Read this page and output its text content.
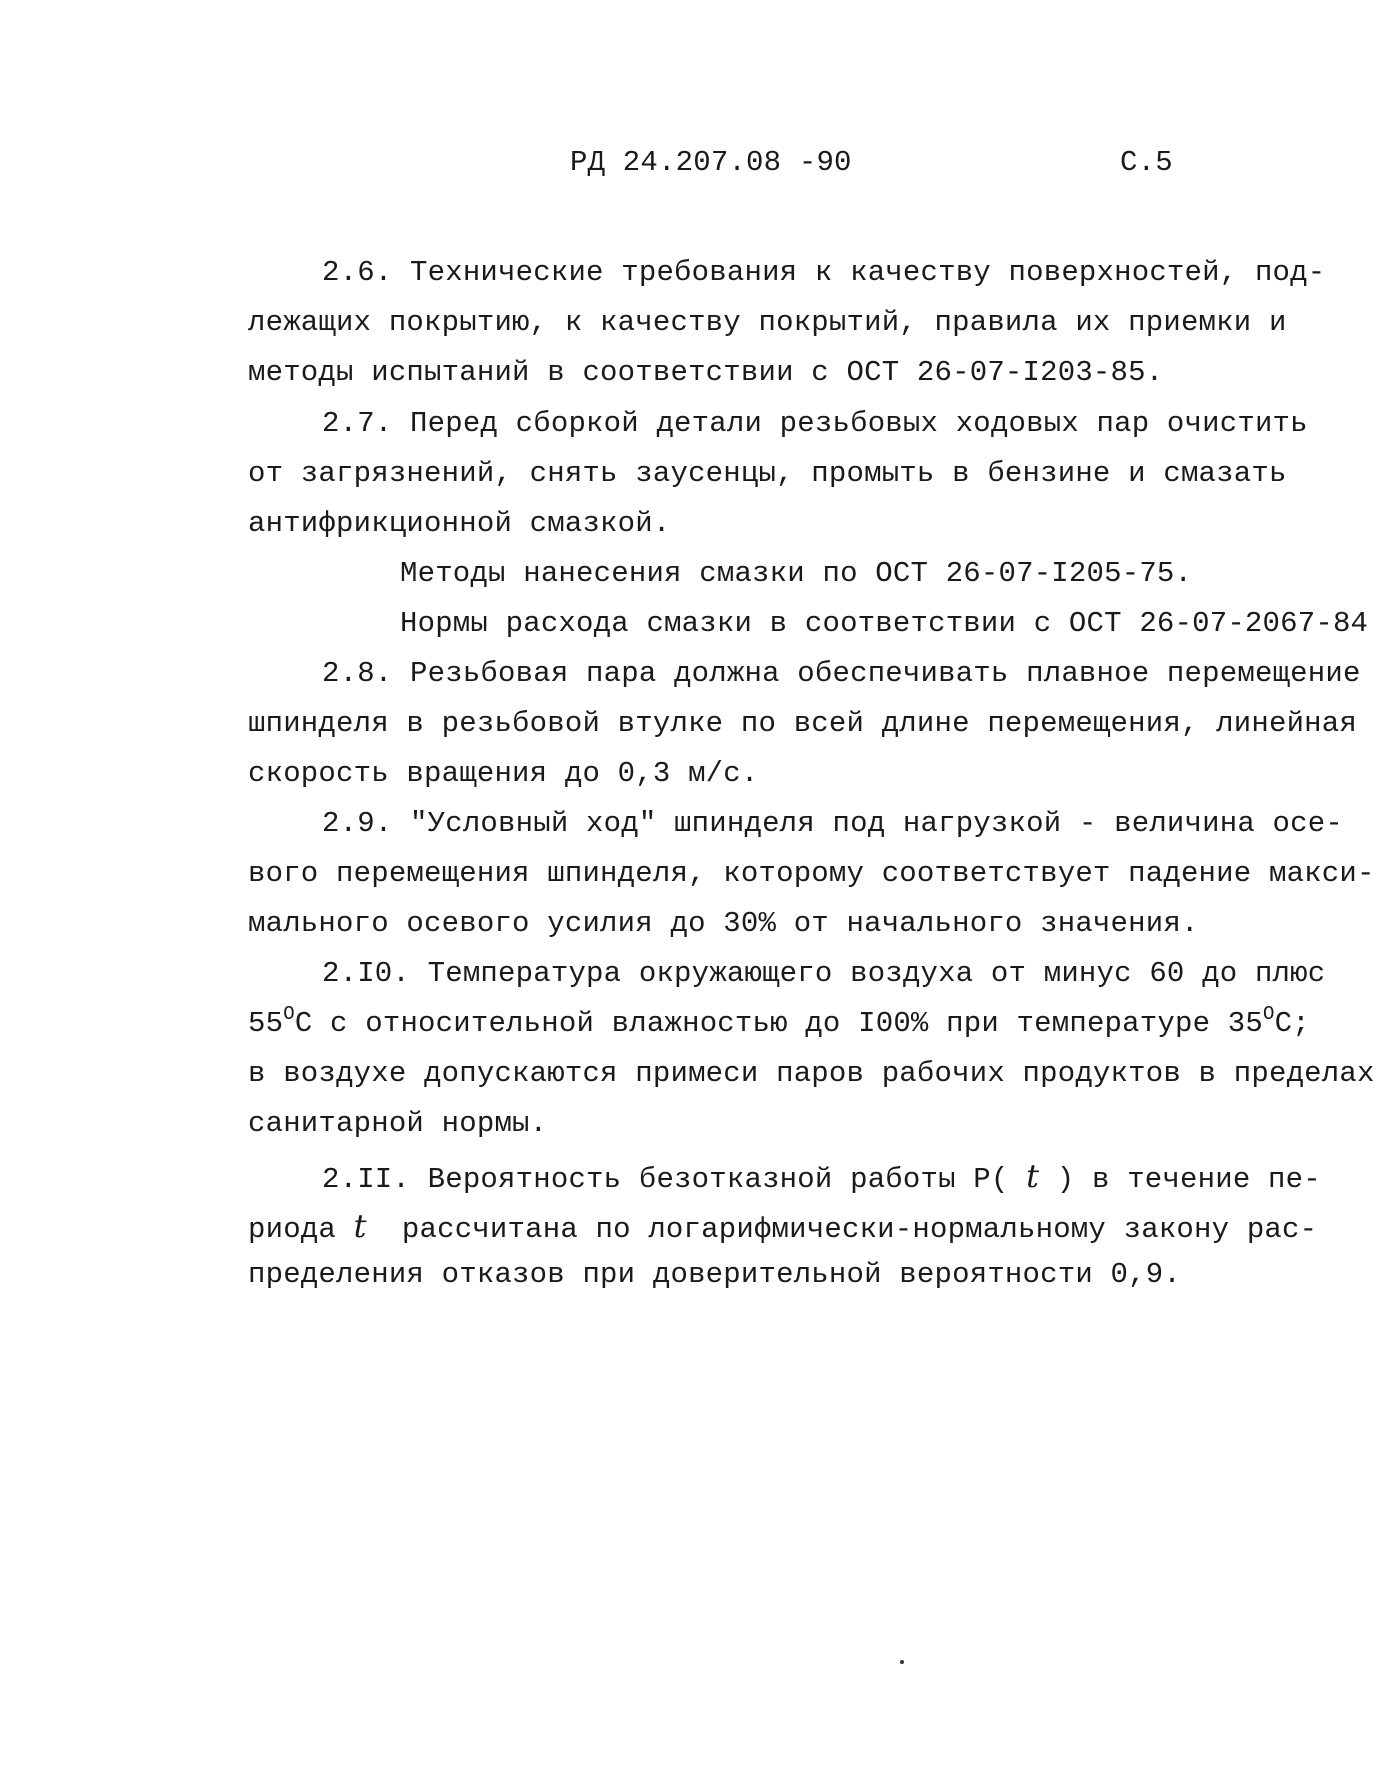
РД 24.207.08 -90	С.5
2.6. Технические требования к качеству поверхностей, под-
лежащих покрытию, к качеству покрытий, правила их приемки и
методы испытаний в соответствии с ОСТ 26-07-I203-85.
2.7. Перед сборкой детали резьбовых ходовых пар очистить
от загрязнений, снять заусенцы, промыть в бензине и смазать
антифрикционной смазкой.
Методы нанесения смазки по ОСТ 26-07-I205-75.
Нормы расхода смазки в соответствии с ОСТ 26-07-2067-84
2.8. Резьбовая пара должна обеспечивать плавное перемещение
шпинделя в резьбовой втулке по всей длине перемещения, линейная
скорость вращения до 0,3 м/с.
2.9. "Условный ход" шпинделя под нагрузкой - величина осе-
вого перемещения шпинделя, которому соответствует падение макси-
мального осевого усилия до 30% от начального значения.
2.I0. Температура окружающего воздуха от минус 60 до плюс
$55^ОС$ с относительной влажностью до I00% при температуре $35^ОС$;
в воздухе допускаются примеси паров рабочих продуктов в пределах
санитарной нормы.
2.II. Вероятность безотказной работы Р( t ) в течение пе-
риода t  рассчитана по логарифмически-нормальному закону рас-
пределения отказов при доверительной вероятности 0,9.
